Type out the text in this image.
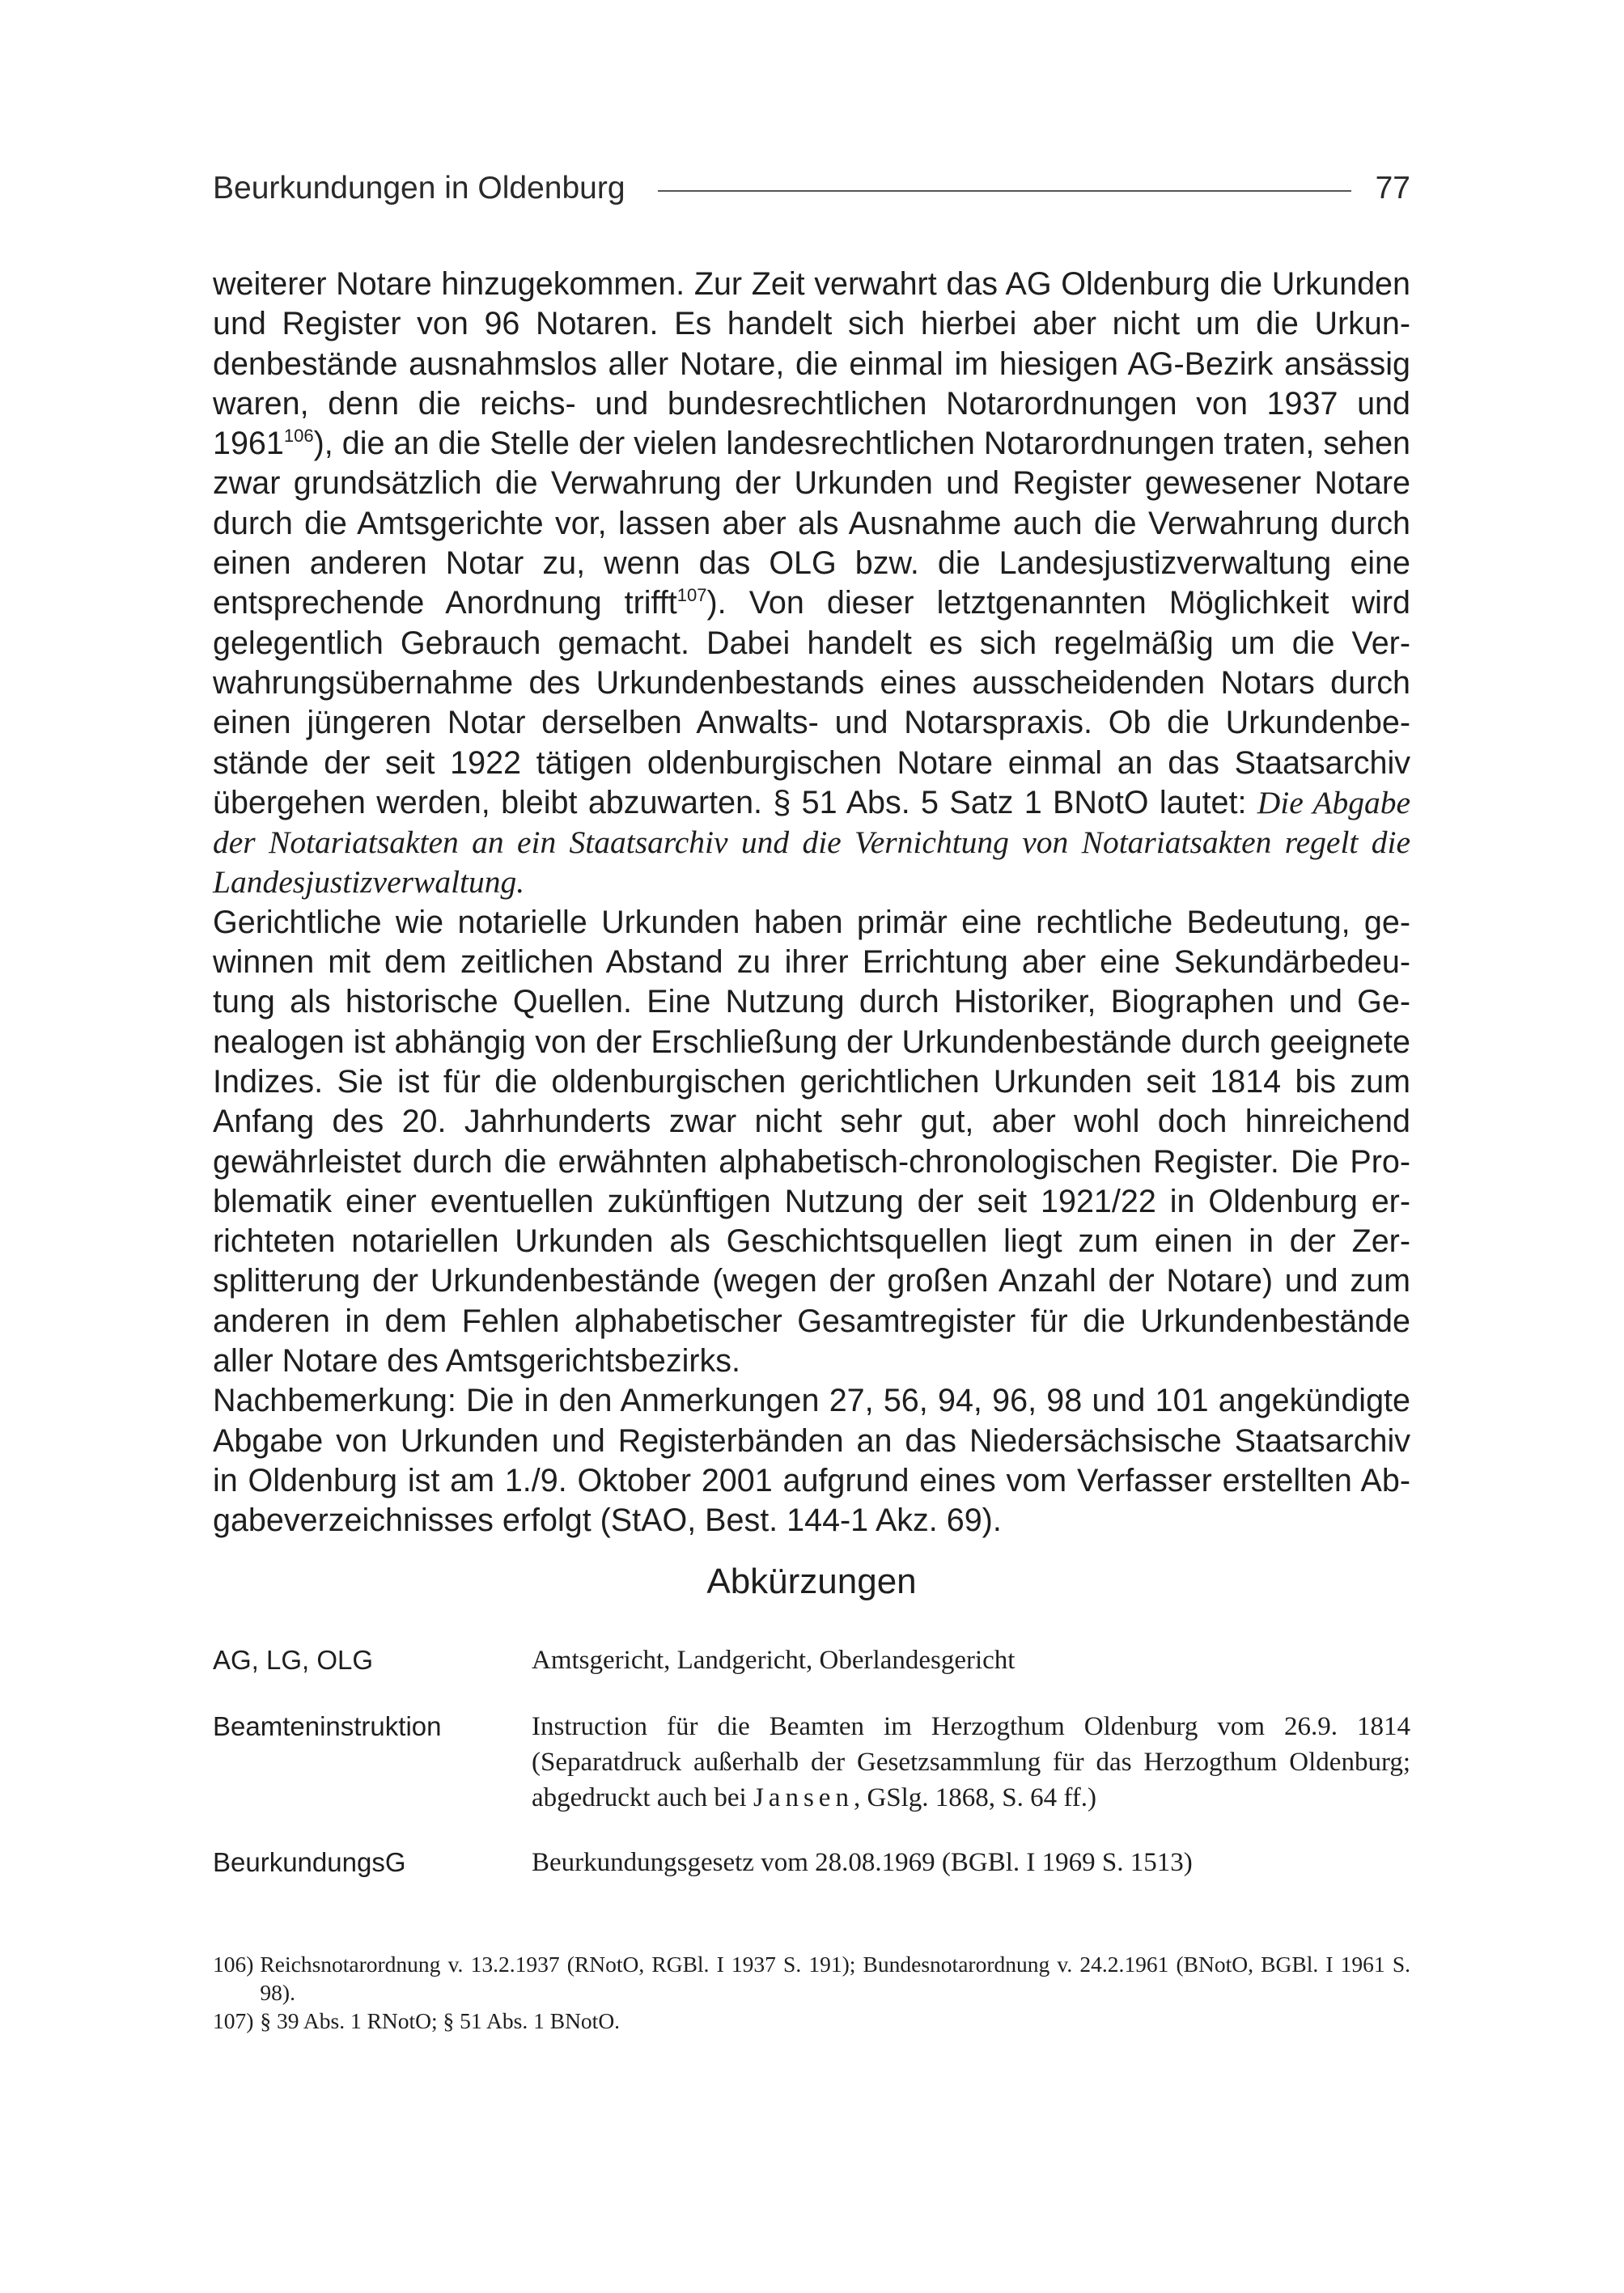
Beurkundungen in Oldenburg	77

weiterer Notare hinzugekommen. Zur Zeit verwahrt das AG Oldenburg die Urkunden und Register von 96 Notaren. Es handelt sich hierbei aber nicht um die Urkundenbestände ausnahmslos aller Notare, die einmal im hiesigen AG-Bezirk ansässig waren, denn die reichs- und bundesrechtlichen Notarordnungen von 1937 und 1961$^{106}$), die an die Stelle der vielen landesrechtlichen Notarordnungen traten, sehen zwar grundsätzlich die Verwahrung der Urkunden und Register gewesener Notare durch die Amtsgerichte vor, lassen aber als Ausnahme auch die Verwahrung durch einen anderen Notar zu, wenn das OLG bzw. die Landesjustizverwaltung eine entsprechende Anordnung trifft$^{107}$). Von dieser letztgenannten Möglichkeit wird gelegentlich Gebrauch gemacht. Dabei handelt es sich regelmäßig um die Verwahrungsübernahme des Urkundenbestands eines ausscheidenden Notars durch einen jüngeren Notar derselben Anwalts- und Notarspraxis. Ob die Urkundenbestände der seit 1922 tätigen oldenburgischen Notare einmal an das Staatsarchiv übergehen werden, bleibt abzuwarten. § 51 Abs. 5 Satz 1 BNotO lautet: Die Abgabe der Notariatsakten an ein Staatsarchiv und die Vernichtung von Notariatsakten regelt die Landesjustizverwaltung.

Gerichtliche wie notarielle Urkunden haben primär eine rechtliche Bedeutung, gewinnen mit dem zeitlichen Abstand zu ihrer Errichtung aber eine Sekundärbedeutung als historische Quellen. Eine Nutzung durch Historiker, Biographen und Genealogen ist abhängig von der Erschließung der Urkundenbestände durch geeignete Indizes. Sie ist für die oldenburgischen gerichtlichen Urkunden seit 1814 bis zum Anfang des 20. Jahrhunderts zwar nicht sehr gut, aber wohl doch hinreichend gewährleistet durch die erwähnten alphabetisch-chronologischen Register. Die Problematik einer eventuellen zukünftigen Nutzung der seit 1921/22 in Oldenburg errichteten notariellen Urkunden als Geschichtsquellen liegt zum einen in der Zersplitterung der Urkundenbestände (wegen der großen Anzahl der Notare) und zum anderen in dem Fehlen alphabetischer Gesamtregister für die Urkundenbestände aller Notare des Amtsgerichtsbezirks.

Nachbemerkung: Die in den Anmerkungen 27, 56, 94, 96, 98 und 101 angekündigte Abgabe von Urkunden und Registerbänden an das Niedersächsische Staatsarchiv in Oldenburg ist am 1./9. Oktober 2001 aufgrund eines vom Verfasser erstellten Abgabeverzeichnisses erfolgt (StAO, Best. 144-1 Akz. 69).

Abkürzungen
AG, LG, OLG	Amtsgericht, Landgericht, Oberlandesgericht
Beamteninstruktion	Instruction für die Beamten im Herzogthum Oldenburg vom 26.9. 1814 (Separatdruck außerhalb der Gesetzsammlung für das Herzogthum Oldenburg; abgedruckt auch bei Jansen, GSlg. 1868, S. 64 ff.)
BeurkundungsG	Beurkundungsgesetz vom 28.08.1969 (BGBl. I 1969 S. 1513)
106) Reichsnotarordnung v. 13.2.1937 (RNotO, RGBl. I 1937 S. 191); Bundesnotarordnung v. 24.2.1961 (BNotO, BGBl. I 1961 S. 98).
107) § 39 Abs. 1 RNotO; § 51 Abs. 1 BNotO.
